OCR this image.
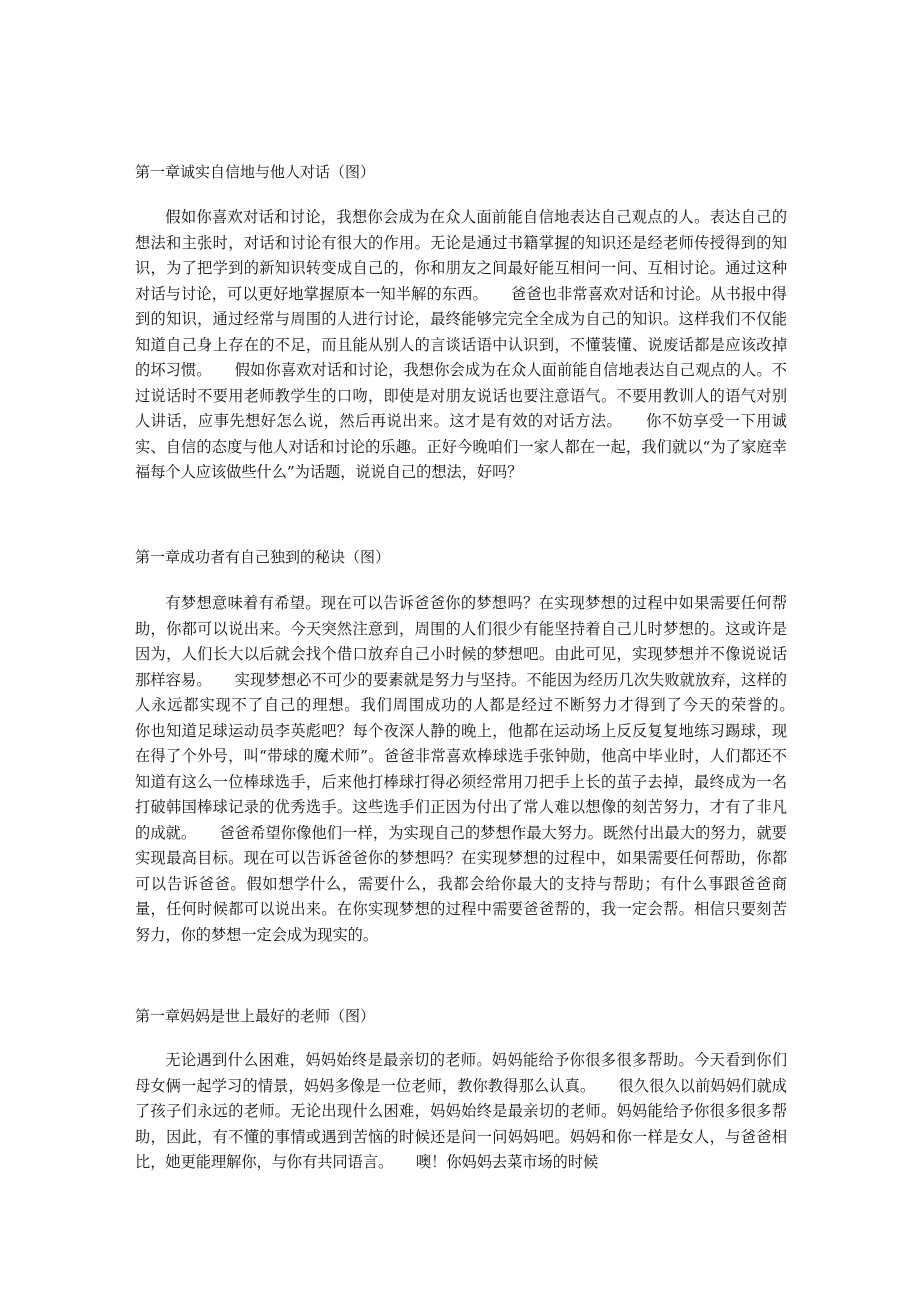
第一章诚实自信地与他人对话（图）

假如你喜欢对话和讨论，我想你会成为在众人面前能自信地表达自己观点的人。表达自己的想法和主张时，对话和讨论有很大的作用。无论是通过书籍掌握的知识还是经老师传授得到的知识，为了把学到的新知识转变成自己的，你和朋友之间最好能互相问一问、互相讨论。通过这种对话与讨论，可以更好地掌握原本一知半解的东西。　　爸爸也非常喜欢对话和讨论。从书报中得到的知识，通过经常与周围的人进行讨论，最终能够完完全全成为自己的知识。这样我们不仅能知道自己身上存在的不足，而且能从别人的言谈话语中认识到，不懂装懂、说废话都是应该改掉的坏习惯。　　假如你喜欢对话和讨论，我想你会成为在众人面前能自信地表达自己观点的人。不过说话时不要用老师教学生的口吻，即使是对朋友说话也要注意语气。不要用教训人的语气对别人讲话，应事先想好怎么说，然后再说出来。这才是有效的对话方法。　　你不妨享受一下用诚实、自信的态度与他人对话和讨论的乐趣。正好今晚咱们一家人都在一起，我们就以“为了家庭幸福每个人应该做些什么”为话题，说说自己的想法，好吗？

第一章成功者有自己独到的秘诀（图）

有梦想意味着有希望。现在可以告诉爸爸你的梦想吗？在实现梦想的过程中如果需要任何帮助，你都可以说出来。今天突然注意到，周围的人们很少有能坚持着自己儿时梦想的。这或许是因为，人们长大以后就会找个借口放弃自己小时候的梦想吧。由此可见，实现梦想并不像说说话那样容易。　　实现梦想必不可少的要素就是努力与坚持。不能因为经历几次失败就放弃，这样的人永远都实现不了自己的理想。我们周围成功的人都是经过不断努力才得到了今天的荣誉的。　　你也知道足球运动员李英彪吧？每个夜深人静的晚上，他都在运动场上反反复复地练习踢球，现在得了个外号，叫“带球的魔术师”。爸爸非常喜欢棒球选手张钟勋，他高中毕业时，人们都还不知道有这么一位棒球选手，后来他打棒球打得必须经常用刀把手上长的茧子去掉，最终成为一名打破韩国棒球记录的优秀选手。这些选手们正因为付出了常人难以想像的刻苦努力，才有了非凡的成就。　　爸爸希望你像他们一样，为实现自己的梦想作最大努力。既然付出最大的努力，就要实现最高目标。现在可以告诉爸爸你的梦想吗？在实现梦想的过程中，如果需要任何帮助，你都可以告诉爸爸。假如想学什么，需要什么，我都会给你最大的支持与帮助；有什么事跟爸爸商量，任何时候都可以说出来。在你实现梦想的过程中需要爸爸帮的，我一定会帮。相信只要刻苦努力，你的梦想一定会成为现实的。

第一章妈妈是世上最好的老师（图）

无论遇到什么困难，妈妈始终是最亲切的老师。妈妈能给予你很多很多帮助。今天看到你们母女俩一起学习的情景，妈妈多像是一位老师，教你教得那么认真。　　很久很久以前妈妈们就成了孩子们永远的老师。无论出现什么困难，妈妈始终是最亲切的老师。妈妈能给予你很多很多帮助，因此，有不懂的事情或遇到苦恼的时候还是问一问妈妈吧。妈妈和你一样是女人，与爸爸相比，她更能理解你，与你有共同语言。　　噢！你妈妈去菜市场的时候
